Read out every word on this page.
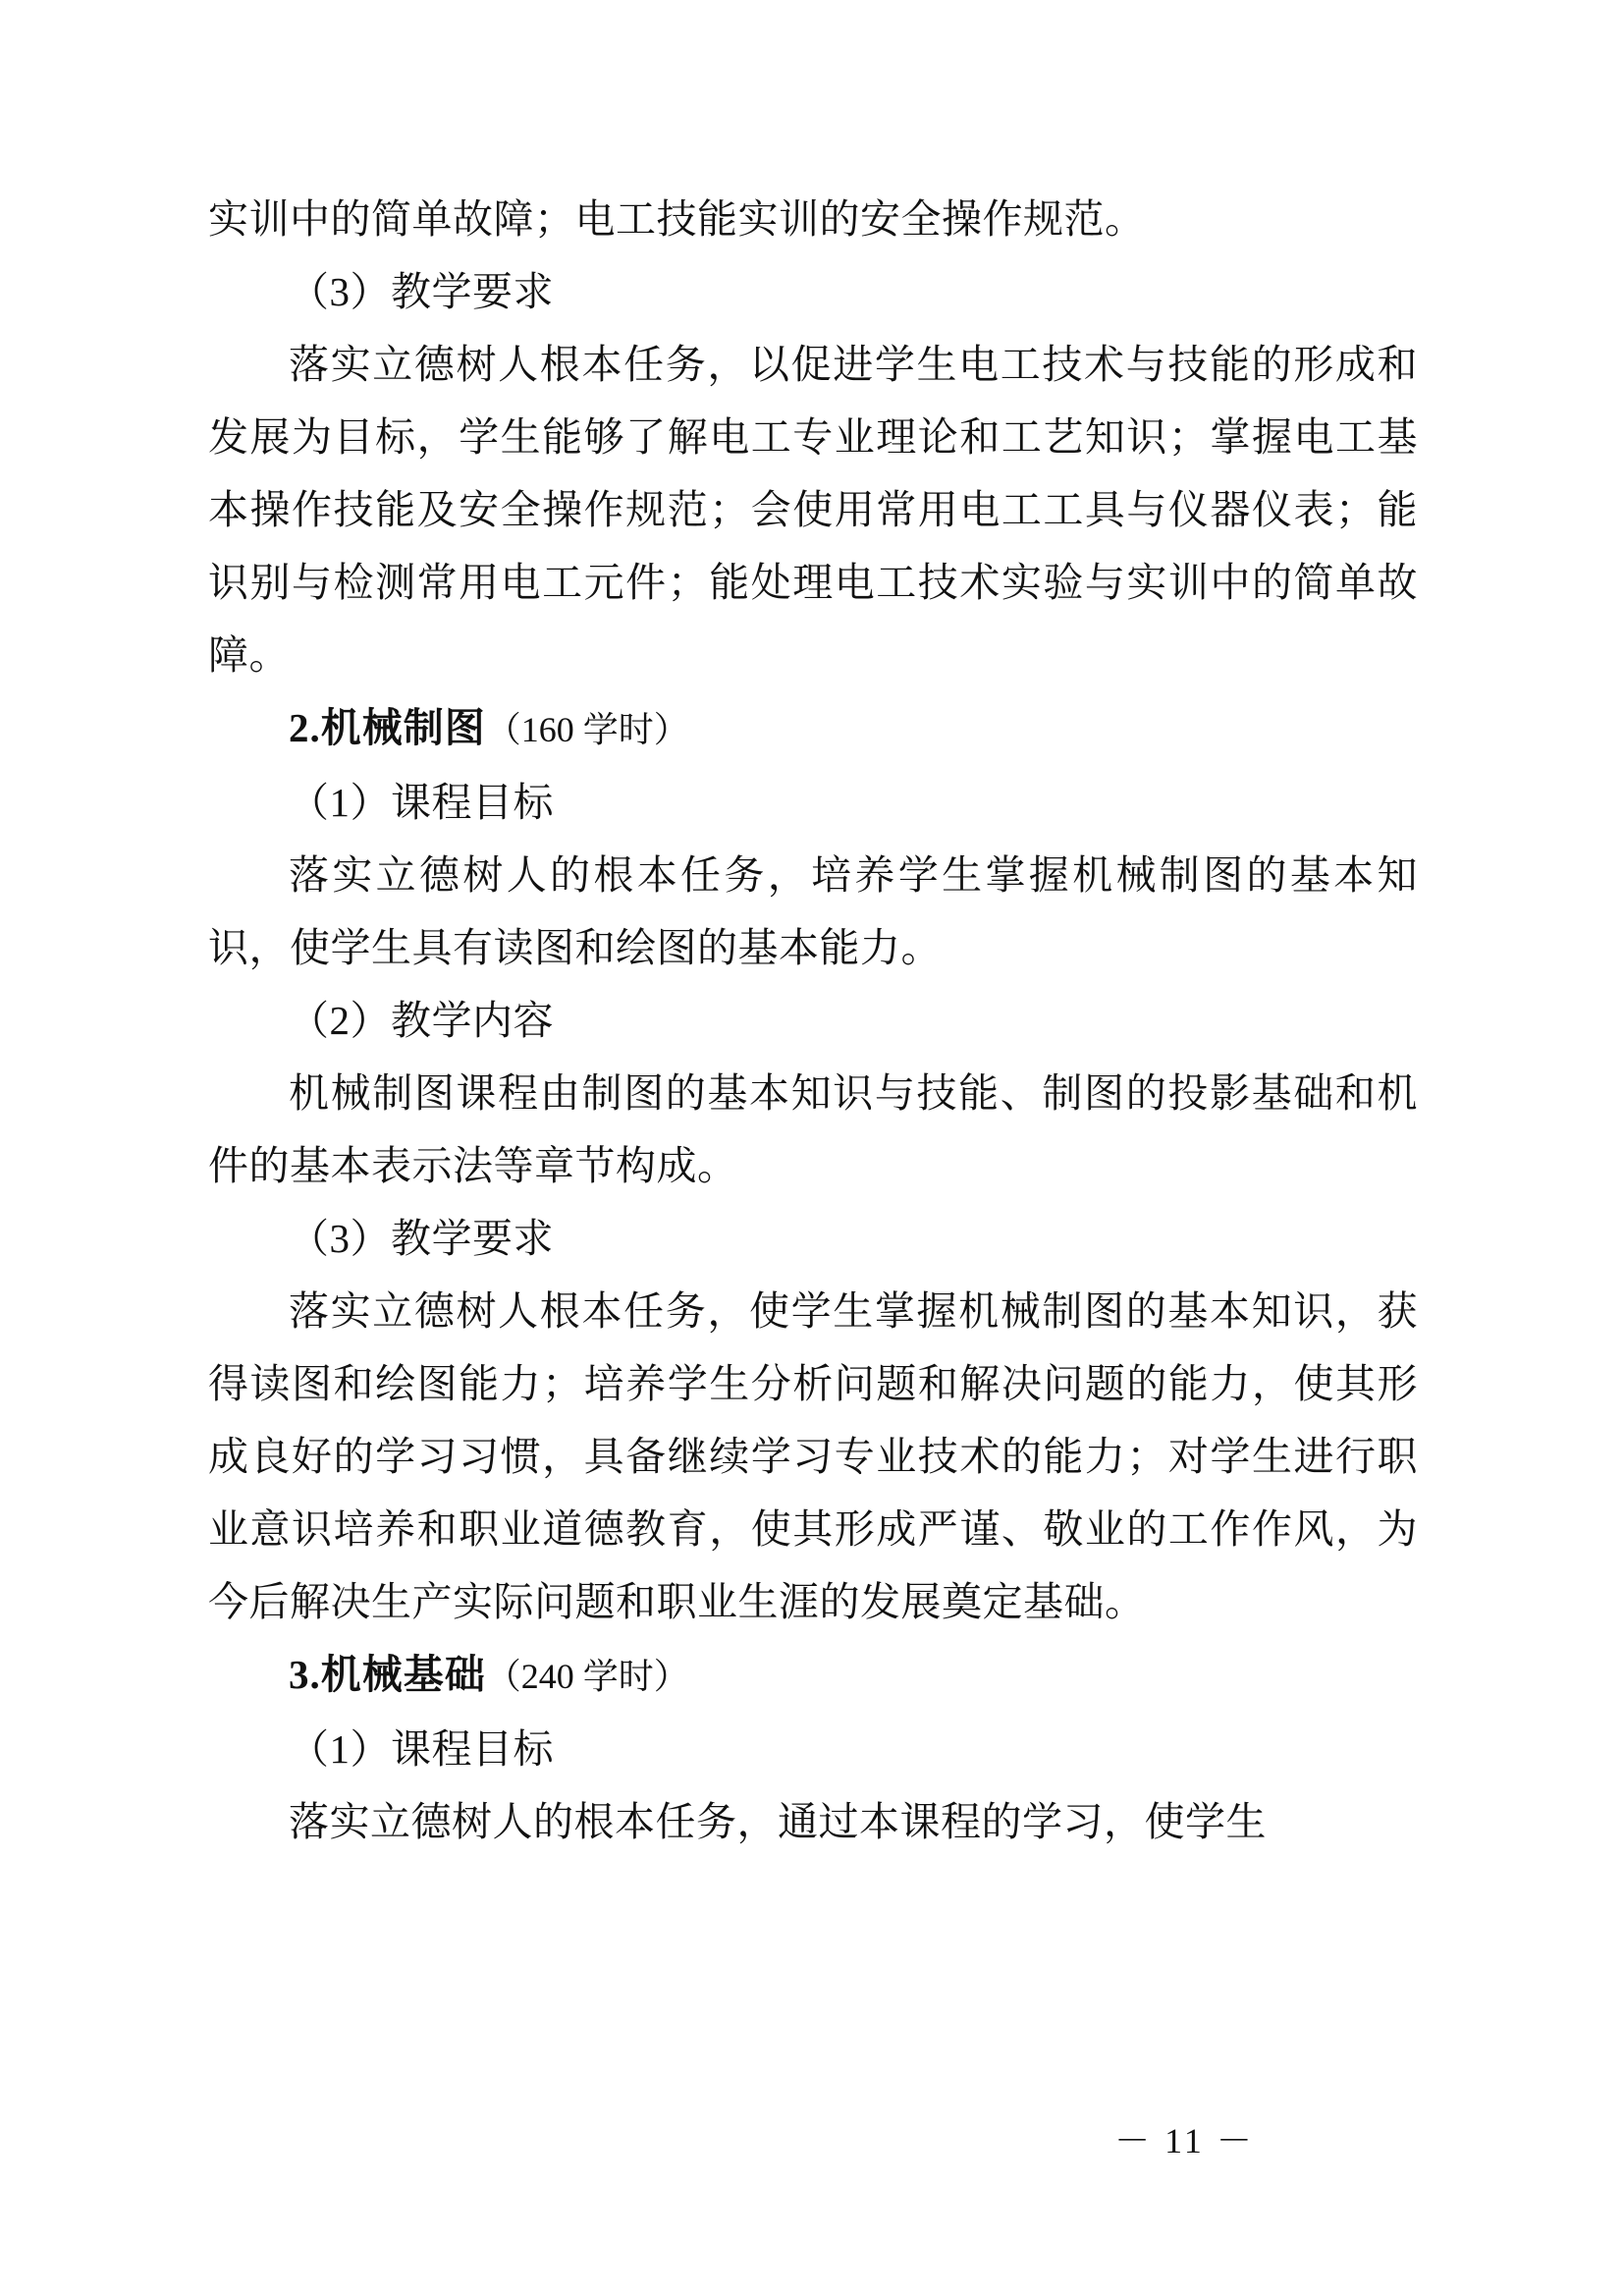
实训中的简单故障；电工技能实训的安全操作规范。

（3）教学要求

落实立德树人根本任务，以促进学生电工技术与技能的形成和发展为目标，学生能够了解电工专业理论和工艺知识；掌握电工基本操作技能及安全操作规范；会使用常用电工工具与仪器仪表；能识别与检测常用电工元件；能处理电工技术实验与实训中的简单故障。

2.机械制图（160 学时）

（1）课程目标

落实立德树人的根本任务，培养学生掌握机械制图的基本知识，使学生具有读图和绘图的基本能力。

（2）教学内容

机械制图课程由制图的基本知识与技能、制图的投影基础和机件的基本表示法等章节构成。

（3）教学要求

落实立德树人根本任务，使学生掌握机械制图的基本知识，获得读图和绘图能力；培养学生分析问题和解决问题的能力，使其形成良好的学习习惯，具备继续学习专业技术的能力；对学生进行职业意识培养和职业道德教育，使其形成严谨、敬业的工作作风，为今后解决生产实际问题和职业生涯的发展奠定基础。

3.机械基础（240 学时）

（1）课程目标

落实立德树人的根本任务，通过本课程的学习，使学生

－ 11 －
